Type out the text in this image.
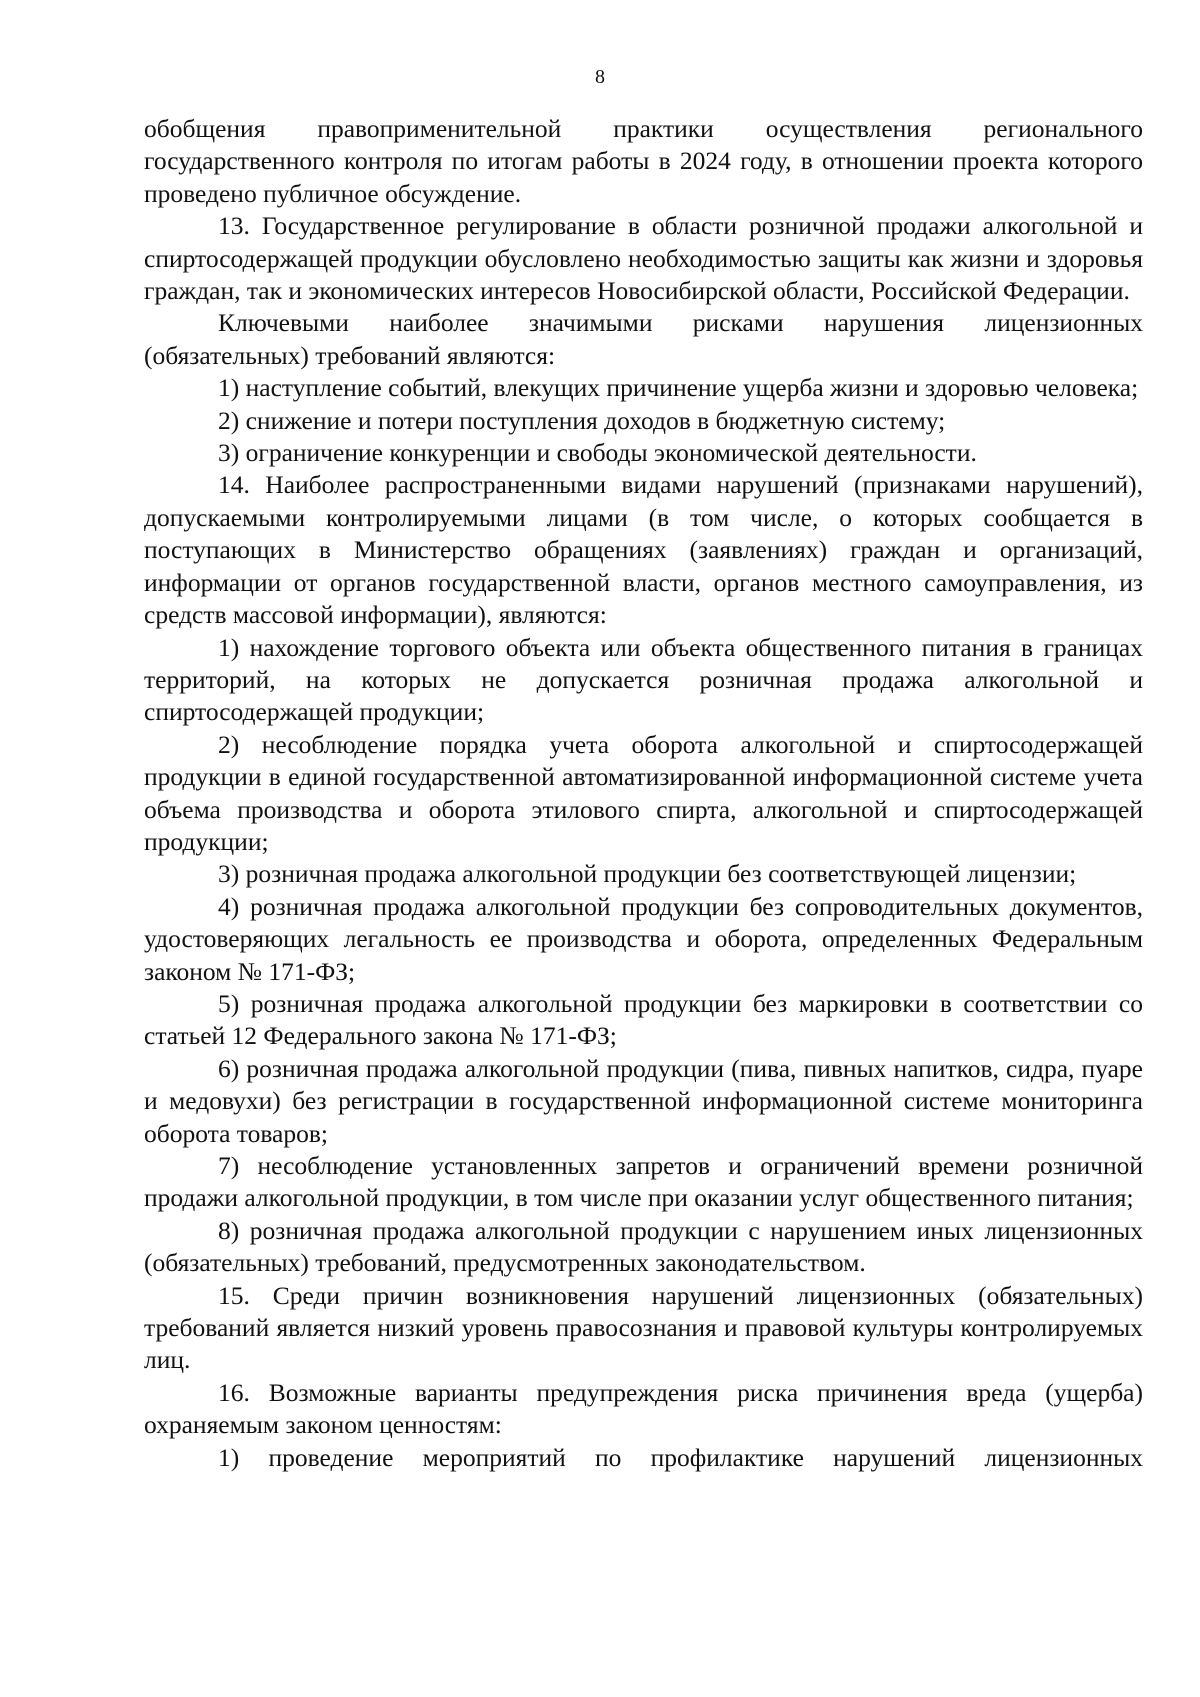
8

обобщения правоприменительной практики осуществления регионального государственного контроля по итогам работы в 2024 году, в отношении проекта которого проведено публичное обсуждение.

13. Государственное регулирование в области розничной продажи алкогольной и спиртосодержащей продукции обусловлено необходимостью защиты как жизни и здоровья граждан, так и экономических интересов Новосибирской области, Российской Федерации.

Ключевыми наиболее значимыми рисками нарушения лицензионных (обязательных) требований являются:

1) наступление событий, влекущих причинение ущерба жизни и здоровью человека;

2) снижение и потери поступления доходов в бюджетную систему;

3) ограничение конкуренции и свободы экономической деятельности.

14. Наиболее распространенными видами нарушений (признаками нарушений), допускаемыми контролируемыми лицами (в том числе, о которых сообщается в поступающих в Министерство обращениях (заявлениях) граждан и организаций, информации от органов государственной власти, органов местного самоуправления, из средств массовой информации), являются:

1) нахождение торгового объекта или объекта общественного питания в границах территорий, на которых не допускается розничная продажа алкогольной и спиртосодержащей продукции;

2) несоблюдение порядка учета оборота алкогольной и спиртосодержащей продукции в единой государственной автоматизированной информационной системе учета объема производства и оборота этилового спирта, алкогольной и спиртосодержащей продукции;

3) розничная продажа алкогольной продукции без соответствующей лицензии;

4) розничная продажа алкогольной продукции без сопроводительных документов, удостоверяющих легальность ее производства и оборота, определенных Федеральным законом № 171-ФЗ;

5) розничная продажа алкогольной продукции без маркировки в соответствии со статьей 12 Федерального закона № 171-ФЗ;

6) розничная продажа алкогольной продукции (пива, пивных напитков, сидра, пуаре и медовухи) без регистрации в государственной информационной системе мониторинга оборота товаров;

7) несоблюдение установленных запретов и ограничений времени розничной продажи алкогольной продукции, в том числе при оказании услуг общественного питания;

8) розничная продажа алкогольной продукции с нарушением иных лицензионных (обязательных) требований, предусмотренных законодательством.

15. Среди причин возникновения нарушений лицензионных (обязательных) требований является низкий уровень правосознания и правовой культуры контролируемых лиц.

16. Возможные варианты предупреждения риска причинения вреда (ущерба) охраняемым законом ценностям:

1) проведение мероприятий по профилактике нарушений лицензионных
